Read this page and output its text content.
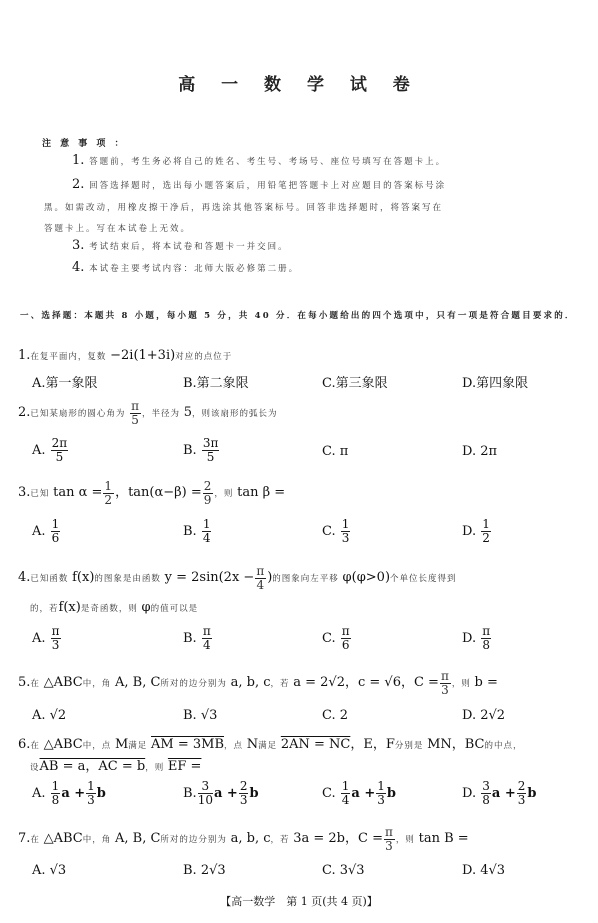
高 一 数 学 试 卷
注 意 事 项 ：
1. 答题前，考生务必将自己的姓名、考生号、考场号、座位号填写在答题卡上。
2. 回答选择题时，选出每小题答案后，用铅笔把答题卡上对应题目的答案标号涂
黑。如需改动，用橡皮擦干净后，再选涂其他答案标号。回答非选择题时，将答案写在
答题卡上。写在本试卷上无效。
3. 考试结束后，将本试卷和答题卡一并交回。
4. 本试卷主要考试内容：北师大版必修第二册。
一、选择题：本题共 8 小题，每小题 5 分，共 40 分．在每小题给出的四个选项中，只有一项是符合题目要求的．
1.在复平面内，复数 −2i(1+3i)对应的点位于
A.第一象限	B.第二象限	C.第三象限	D.第四象限
2.已知某扇形的圆心角为 $\frac{\pi}{5}$ ，半径为 5，则该扇形的弧长为
A. $\frac{2\pi}{5}$	B. $\frac{3\pi}{5}$	C. π	D. 2π
3.已知 $\tan \alpha = \frac{1}{2}$ ，$\tan(\alpha-\beta) = \frac{2}{9}$ ，则 tan β =
A. $\frac{1}{6}$	B. $\frac{1}{4}$	C. $\frac{1}{3}$	D. $\frac{1}{2}$
4.已知函数 f(x)的图象是由函数 $y = 2\sin(2x - \frac{\pi}{4}$ )的图象向左平移 φ(φ>0)个单位长度得到
的，若f(x)是奇函数，则 φ的值可以是
A. $\frac{\pi}{3}$	B. $\frac{\pi}{4}$	C. $\frac{\pi}{6}$	D. $\frac{\pi}{8}$
5.在 △ABC中，角 A, B, C所对的边分别为 a, b, c，若 a = 2√2，c = √6，$C = \frac{\pi}{3}$ ，则 b =
A. √2	B. √3	C. 2	D. 2√2
6.在 △ABC中，点 M满足 AM = 3MB，点 N满足 2AN = NC，E，F分别是 MN，BC的中点，
设AB = a，AC = b，则 EF =
A. $\frac{1}{8}$ $a + \frac{1}{3}$ b	B. $\frac{3}{10}$ $a + \frac{2}{3}$ b	C. $\frac{1}{4}$ $a + \frac{1}{3}$ b	D. $\frac{3}{8}$ $a + \frac{2}{3}$ b
7.在 △ABC中，角 A, B, C所对的边分别为 a, b, c，若 3a = 2b，$C = \frac{\pi}{3}$ ，则 tan B =
A. √3	B. 2√3	C. 3√3	D. 4√3
【高一数学　第 1 页(共 4 页)】
